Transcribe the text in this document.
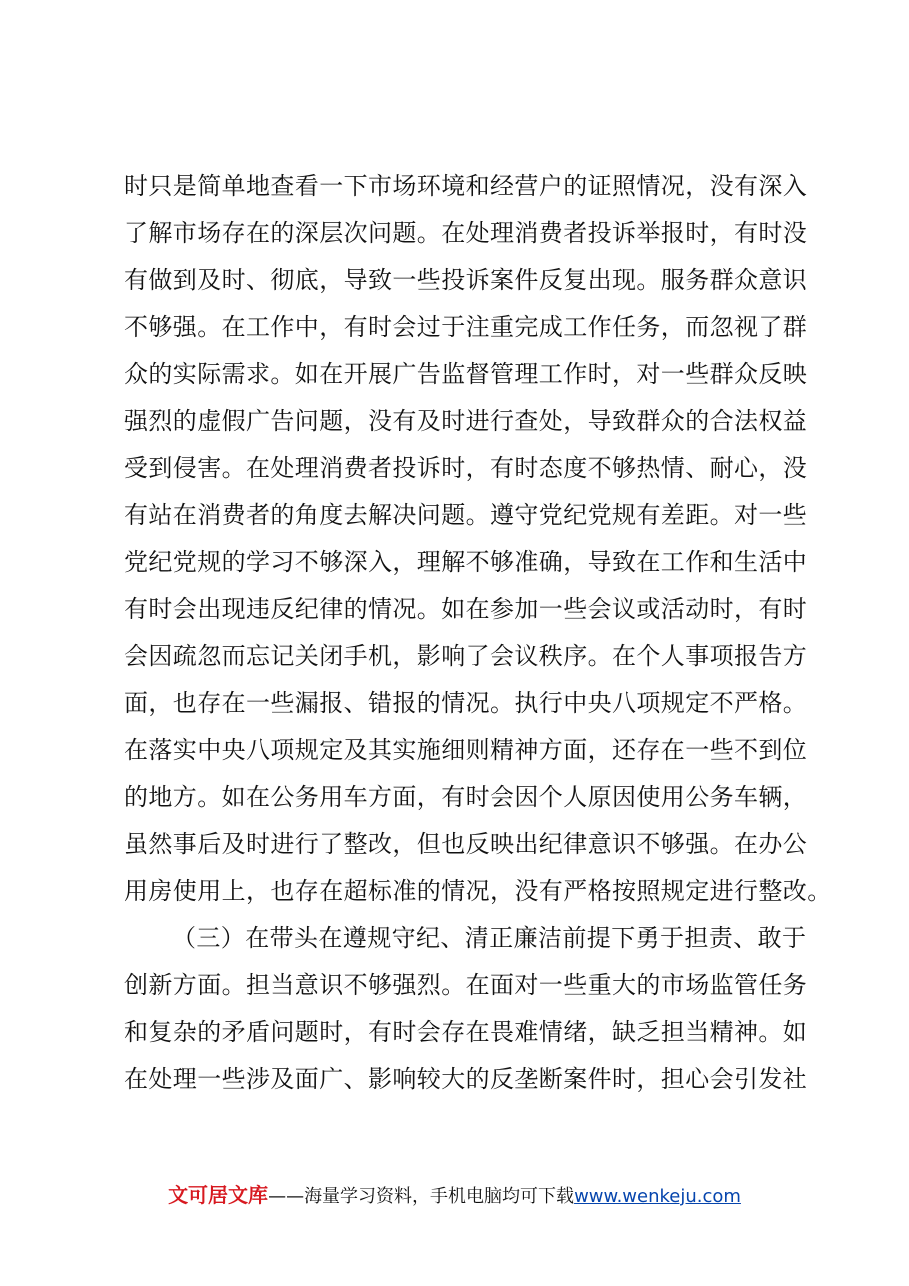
时只是简单地查看一下市场环境和经营户的证照情况，没有深入
了解市场存在的深层次问题。在处理消费者投诉举报时，有时没
有做到及时、彻底，导致一些投诉案件反复出现。服务群众意识
不够强。在工作中，有时会过于注重完成工作任务，而忽视了群
众的实际需求。如在开展广告监督管理工作时，对一些群众反映
强烈的虚假广告问题，没有及时进行查处，导致群众的合法权益
受到侵害。在处理消费者投诉时，有时态度不够热情、耐心，没
有站在消费者的角度去解决问题。遵守党纪党规有差距。对一些
党纪党规的学习不够深入，理解不够准确，导致在工作和生活中
有时会出现违反纪律的情况。如在参加一些会议或活动时，有时
会因疏忽而忘记关闭手机，影响了会议秩序。在个人事项报告方
面，也存在一些漏报、错报的情况。执行中央八项规定不严格。
在落实中央八项规定及其实施细则精神方面，还存在一些不到位
的地方。如在公务用车方面，有时会因个人原因使用公务车辆，
虽然事后及时进行了整改，但也反映出纪律意识不够强。在办公
用房使用上，也存在超标准的情况，没有严格按照规定进行整改。
（三）在带头在遵规守纪、清正廉洁前提下勇于担责、敢于
创新方面。担当意识不够强烈。在面对一些重大的市场监管任务
和复杂的矛盾问题时，有时会存在畏难情绪，缺乏担当精神。如
在处理一些涉及面广、影响较大的反垄断案件时，担心会引发社
文可居文库——海量学习资料，手机电脑均可下载www.wenkeju.com
